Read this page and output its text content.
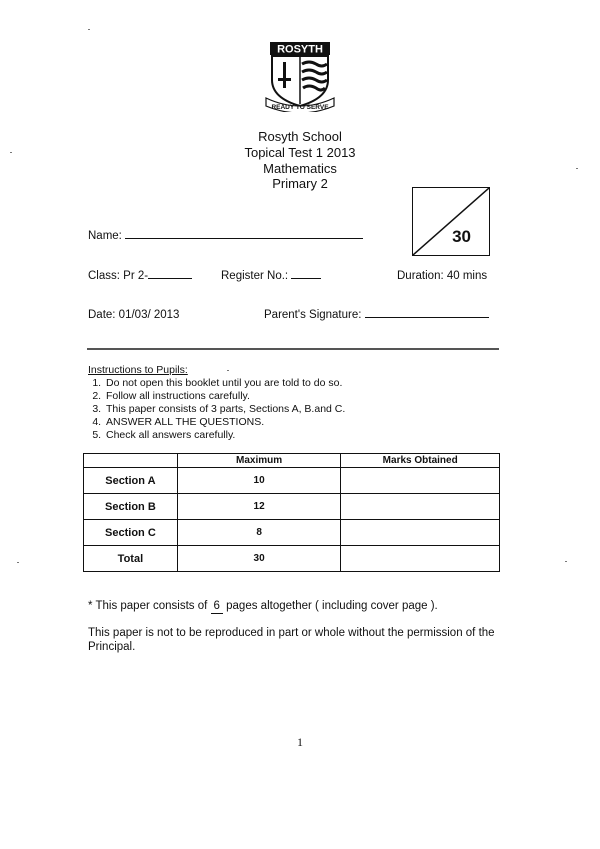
ROSYTH
READY TO SERVE
Rosyth School
Topical Test 1 2013
Mathematics
Primary 2
30
Name:
Class: Pr 2-	Register No.:	Duration: 40 mins
Date: 01/03/ 2013	Parent's Signature:
Instructions to Pupils:
1. Do not open this booklet until you are told to do so.
2. Follow all instructions carefully.
3. This paper consists of 3 parts, Sections A, B.and C.
4. ANSWER ALL THE QUESTIONS.
5. Check all answers carefully.
	Maximum	Marks Obtained
Section A	10	
Section B	12	
Section C	8	
Total	30	
* This paper consists of 6 pages altogether ( including cover page ).
This paper is not to be reproduced in part or whole without the permission of the Principal.
1
